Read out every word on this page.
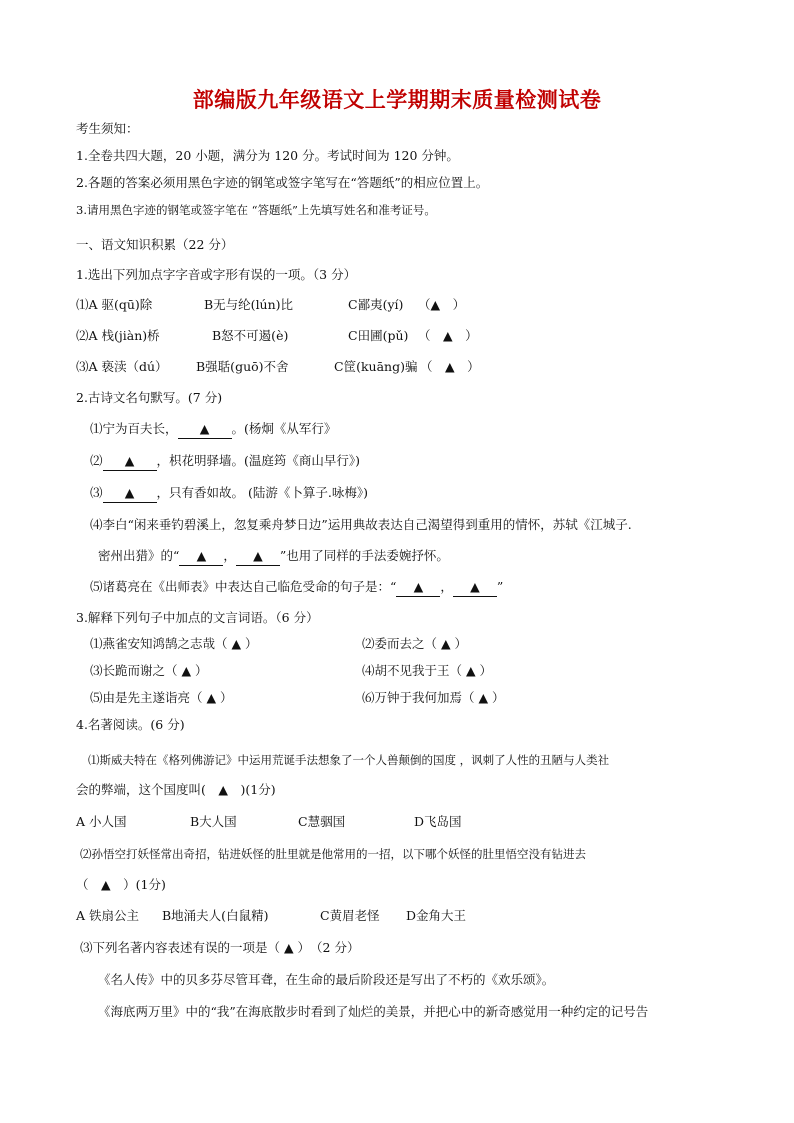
部编版九年级语文上学期期末质量检测试卷
考生须知：
1.全卷共四大题，20 小题，满分为 120 分。考试时间为 120 分钟。
2.各题的答案必须用黑色字迹的钢笔或签字笔写在“答题纸”的相应位置上。
3.请用黑色字迹的钢笔或签字笔在 “答题纸”上先填写姓名和准考证号。
一、语文知识积累（22 分）
1.选出下列加点字字音或字形有误的一项。（3 分）
⑴A 驱(qū)除	B无与纶(lún)比	C鄙夷(yí) （▲　）
⑵A 栈(jiàn)桥	B怒不可遏(è)	C田圃(pǔ) （　▲　）
⑶A 亵渎（dú） B强聒(guō)不舍	C筐(kuāng)骗 （　▲　）
2.古诗文名句默写。(7 分)
⑴宁为百夫长， ▲ 。(杨炯《从军行》
⑵ ▲ ，枳花明驿墙。(温庭筠《商山早行》)
⑶ ▲ ，只有香如故。 (陆游《卜算子.咏梅》)
⑷李白“闲来垂钓碧溪上，忽复乘舟梦日边”运用典故表达自己渴望得到重用的情怀，苏轼《江城子.
密州出猎》的“ ▲ ， ▲ ”也用了同样的手法委婉抒怀。
⑸诸葛亮在《出师表》中表达自己临危受命的句子是：“ ▲ ， ▲ ”
3.解释下列句子中加点的文言词语。（6 分）
⑴燕雀安知鸿鹄之志哉（ ▲ ）	⑵委而去之（ ▲ ）
⑶长跪而谢之（ ▲ ）	⑷胡不见我于王（ ▲ ）
⑸由是先主遂诣亮（ ▲ ）	⑹万钟于我何加焉（ ▲ ）
4.名著阅读。(6 分)
⑴斯威夫特在《格列佛游记》中运用荒诞手法想象了一个人兽颠倒的国度 ，讽刺了人性的丑陋与人类社
会的弊端，这个国度叫(　▲　)(1分)
A 小人国	B大人国	C慧骃国	D飞岛国
⑵孙悟空打妖怪常出奇招，钻进妖怪的肚里就是他常用的一招，以下哪个妖怪的肚里悟空没有钻进去
（　▲　）(1分)
A 铁扇公主 B地涌夫人(白鼠精)	C黄眉老怪 D金角大王
⑶下列名著内容表述有误的一项是（ ▲ ）　（2 分）
《名人传》中的贝多芬尽管耳聋，在生命的最后阶段还是写出了不朽的《欢乐颂》。
《海底两万里》中的“我”在海底散步时看到了灿烂的美景，并把心中的新奇感觉用一种约定的记号告
